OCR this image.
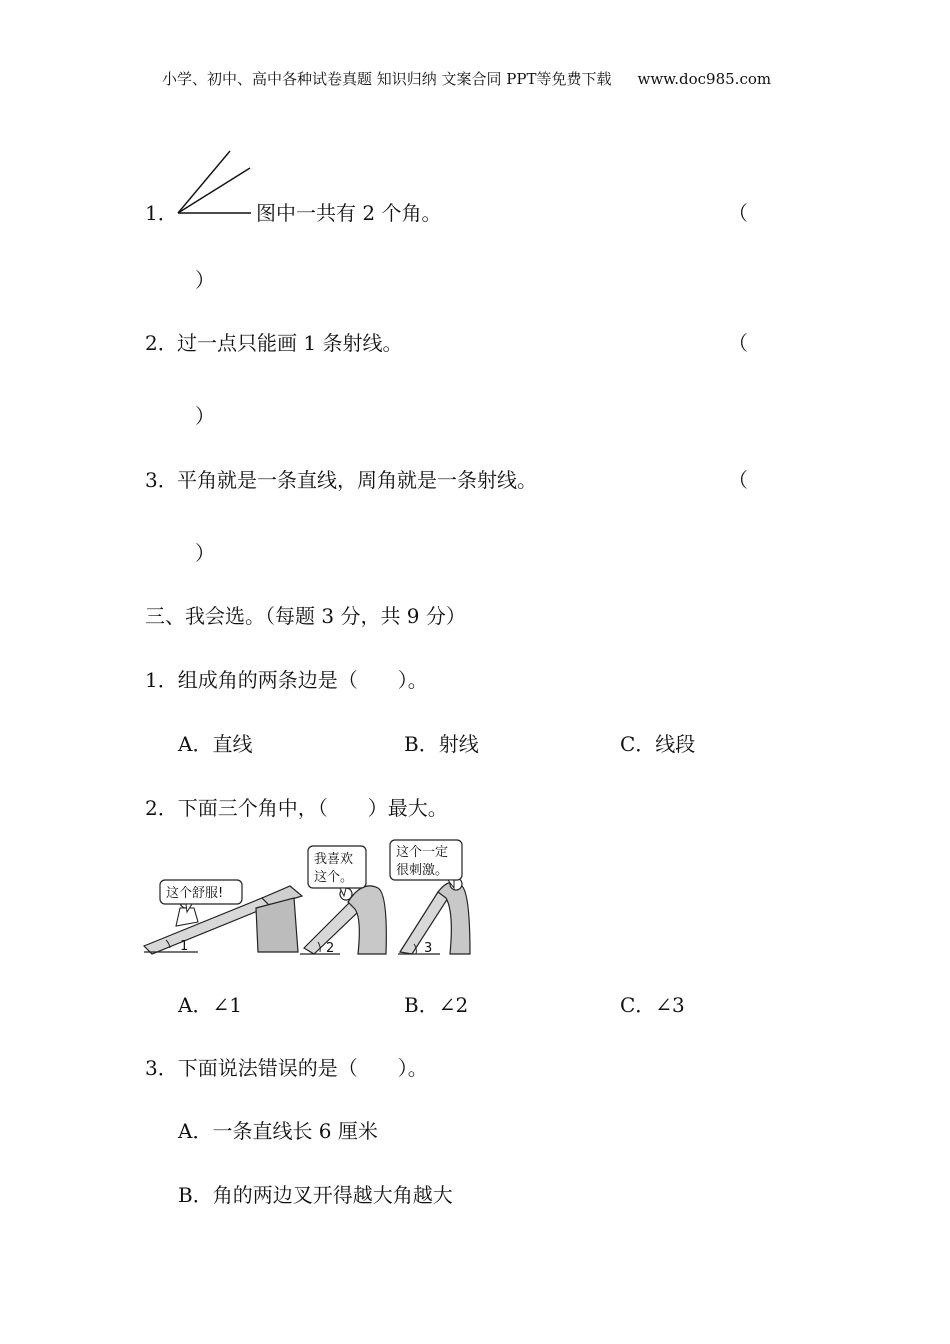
小学、初中、高中各种试卷真题 知识归纳 文案合同 PPT等免费下载 www.doc985.com
1．	图中一共有 2 个角。	（
）
2． 过一点只能画 1 条射线。	（
）
3． 平角就是一条直线，周角就是一条射线。	（
）
三、我会选。（每题 3 分，共 9 分）
1．组成角的两条边是（　　）。
A．直线	B．射线	C．线段
2．下面三个角中，（　　）最大。
1
这个舒服!
2
我喜欢
这个。
3
这个一定
很刺激。
A．∠1	B．∠2	C．∠3
3．下面说法错误的是（　　）。
A．一条直线长 6 厘米
B．角的两边叉开得越大角越大
